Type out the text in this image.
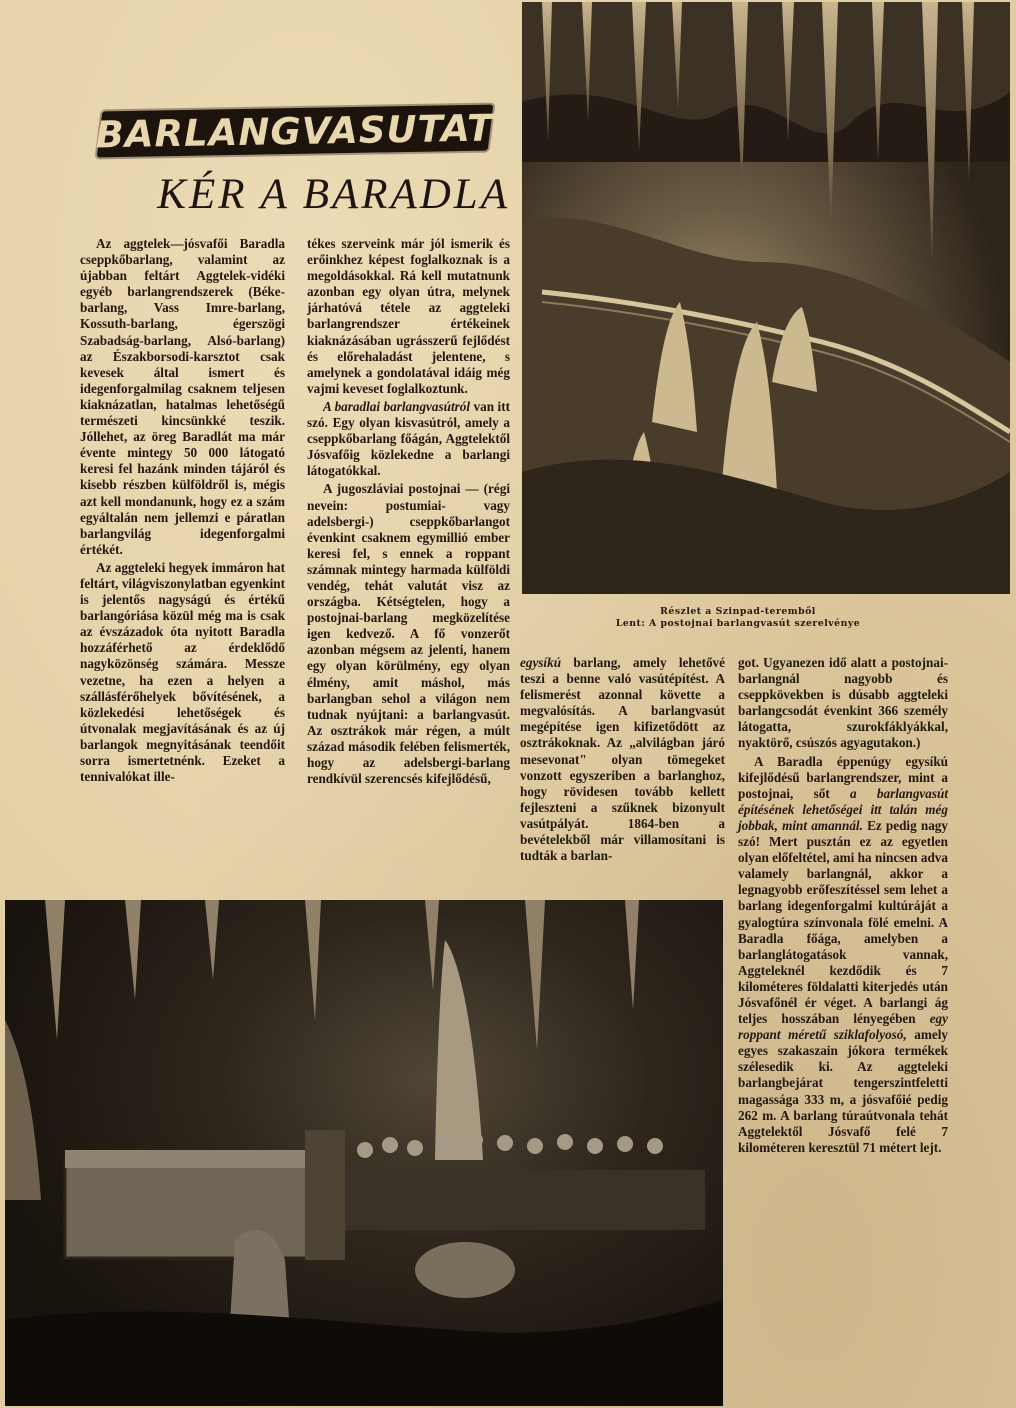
BARLANGVASUTAT
KÉR A BARADLA

Az aggtelek—jósvafői Baradla cseppkőbarlang, valamint az újabban feltárt Aggtelek-vidéki egyéb barlangrendszerek (Béke-barlang, Vass Imre-barlang, Kossuth-barlang, égerszögi Szabadság-barlang, Alsó-barlang) az Északborsodi-karsztot csak kevesek által ismert és idegenforgalmilag csaknem teljesen kiaknázatlan, hatalmas lehetőségű természeti kincsünkké teszik. Jóllehet, az öreg Baradlát ma már évente mintegy 50 000 látogató keresi fel hazánk minden tájáról és kisebb részben külföldről is, mégis azt kell mondanunk, hogy ez a szám egyáltalán nem jellemzi e páratlan barlangvilág idegenforgalmi értékét.

Az aggteleki hegyek immáron hat feltárt, világviszonylatban egyenkint is jelentős nagyságú és értékű barlangóriása közül még ma is csak az évszázadok óta nyitott Baradla hozzáférhető az érdeklődő nagyközönség számára. Messze vezetne, ha ezen a helyen a szállásférőhelyek bővítésének, a közlekedési lehetőségek és útvonalak megjavításának és az új barlangok megnyitásának teendőit sorra ismertetnénk. Ezeket a tennivalókat ille-

tékes szerveink már jól ismerik és erőinkhez képest foglalkoznak is a megoldásokkal. Rá kell mutatnunk azonban egy olyan útra, melynek járhatóvá tétele az aggteleki barlangrendszer értékeinek kiaknázásában ugrásszerű fejlődést és előrehaladást jelentene, s amelynek a gondolatával idáig még vajmi keveset foglalkoztunk.

A baradlai barlangvasútról van itt szó. Egy olyan kisvasútról, amely a cseppkőbarlang főágán, Aggtelektől Jósvafőig közlekedne a barlangi látogatókkal.

A jugoszláviai postojnai — (régi nevein: postumiai- vagy adelsbergi-) cseppkőbarlangot évenkint csaknem egymillió ember keresi fel, s ennek a roppant számnak mintegy harmada külföldi vendég, tehát valutát visz az országba. Kétségtelen, hogy a postojnai-barlang megközelítése igen kedvező. A fő vonzerőt azonban mégsem az jelenti, hanem egy olyan körülmény, egy olyan élmény, amit máshol, más barlangban sehol a világon nem tudnak nyújtani: a barlangvasút. Az osztrákok már régen, a múlt század második felében felismerték, hogy az adelsbergi-barlang rendkívül szerencsés kifejlődésű,

Részlet a Szinpad-teremből
Lent: A postojnai barlangvasút szerelvénye

egysíkú barlang, amely lehetővé teszi a benne való vasútépítést. A felismerést azonnal követte a megvalósítás. A barlangvasút megépítése igen kifizetődött az osztrákoknak. Az „alvilágban járó mesevonat" olyan tömegeket vonzott egyszeriben a barlanghoz, hogy rövidesen tovább kellett fejleszteni a szűknek bizonyult vasútpályát. 1864-ben a bevételekből már villamosítani is tudták a barlan-

got. Ugyanezen idő alatt a postojnai-barlangnál nagyobb és cseppkövekben is dúsabb aggteleki barlangcsodát évenkint 366 személy látogatta, szurokfáklyákkal, nyaktörő, csúszós agyagutakon.)

A Baradla éppenúgy egysíkú kifejlődésű barlangrendszer, mint a postojnai, sőt a barlangvasút építésének lehetőségei itt talán még jobbak, mint amannál. Ez pedig nagy szó! Mert pusztán ez az egyetlen olyan előfeltétel, ami ha nincsen adva valamely barlangnál, akkor a legnagyobb erőfeszítéssel sem lehet a barlang idegenforgalmi kultúráját a gyalogtúra színvonala fölé emelni. A Baradla főága, amelyben a barlanglátogatások vannak, Aggteleknél kezdődik és 7 kilométeres földalatti kiterjedés után Jósvafőnél ér véget. A barlangi ág teljes hosszában lényegében egy roppant méretű sziklafolyosó, amely egyes szakaszain jókora termékek szélesedik ki. Az aggteleki barlangbejárat tengerszintfeletti magassága 333 m, a jósvafőié pedig 262 m. A barlang túraútvonala tehát Aggtelektől Jósvafő felé 7 kilométeren keresztül 71 métert lejt.
